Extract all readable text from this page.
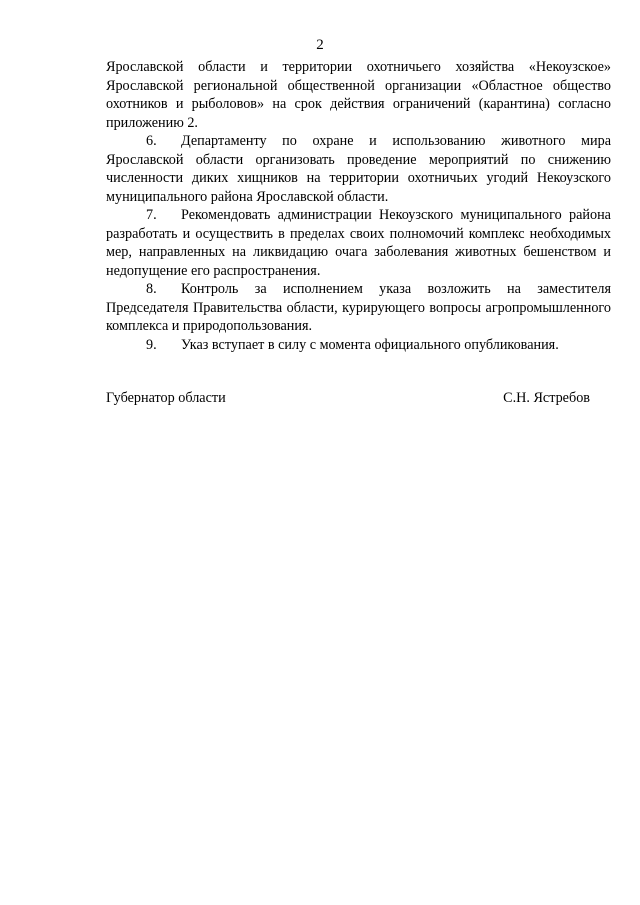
2

Ярославской области и территории охотничьего хозяйства «Некоузское» Ярославской региональной общественной организации «Областное общество охотников и рыболовов» на срок действия ограничений (карантина) согласно приложению 2.

6. Департаменту по охране и использованию животного мира Ярославской области организовать проведение мероприятий по снижению численности диких хищников на территории охотничьих угодий Некоузского муниципального района Ярославской области.

7. Рекомендовать администрации Некоузского муниципального района разработать и осуществить в пределах своих полномочий комплекс необходимых мер, направленных на ликвидацию очага заболевания животных бешенством и недопущение его распространения.

8. Контроль за исполнением указа возложить на заместителя Председателя Правительства области, курирующего вопросы агропромышленного комплекса и природопользования.

9. Указ вступает в силу с момента официального опубликования.

Губернатор области	С.Н. Ястребов
